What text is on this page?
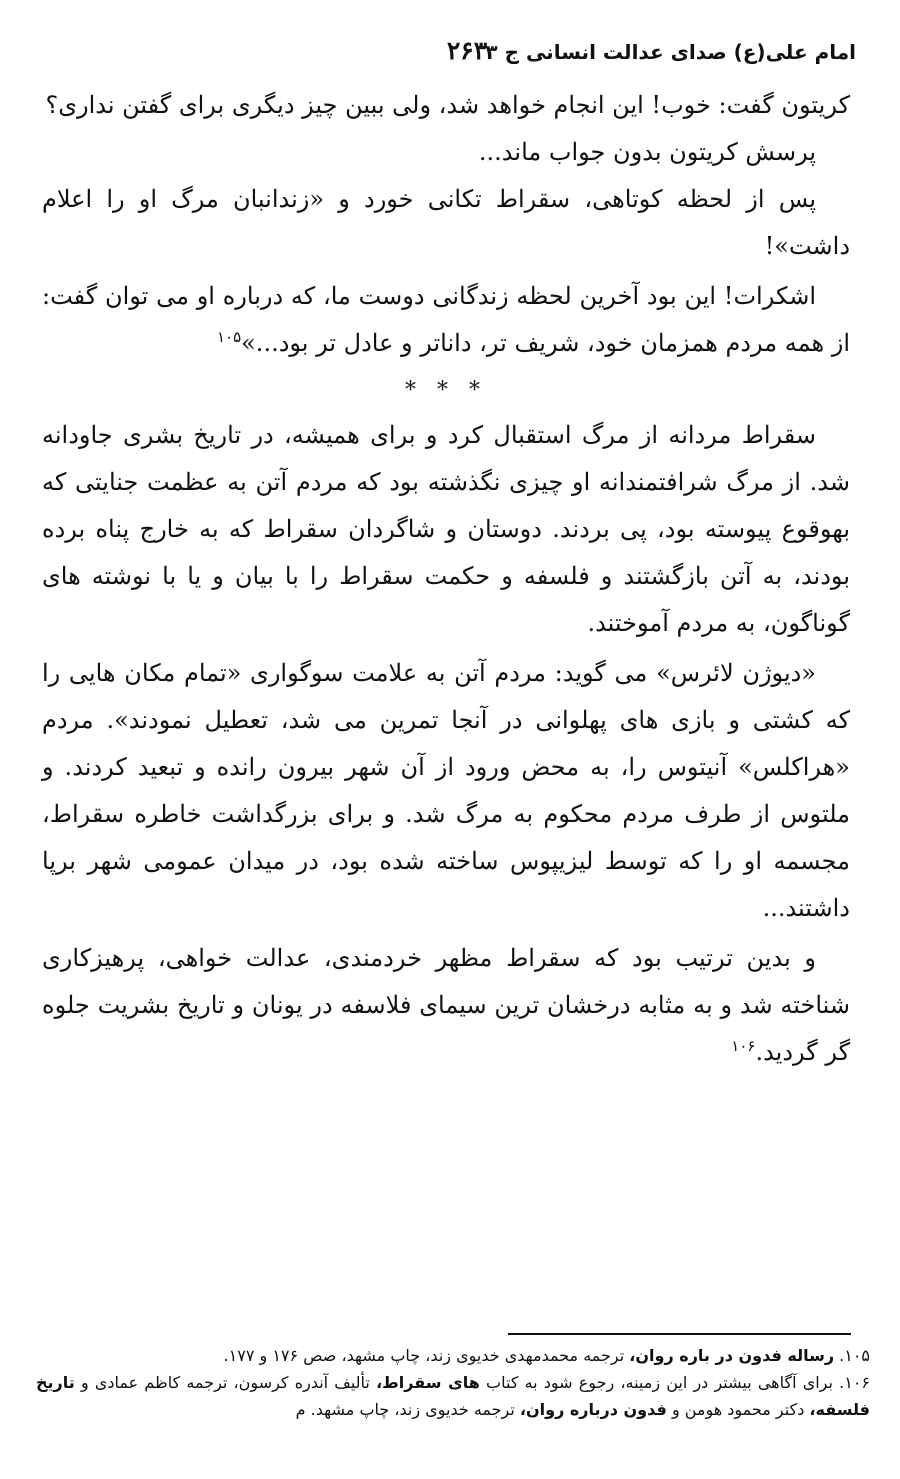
امام علی(ع) صدای عدالت انسانی ج ۳
۲۶۳

کریتون گفت: خوب! این انجام خواهد شد، ولی ببین چیز دیگری برای گفتن نداری؟

پرسش کریتون بدون جواب ماند...

پس از لحظه کوتاهی، سقراط تکانی خورد و «زندانبان مرگ او را اعلام داشت»!

اشکرات! این بود آخرین لحظه زندگانی دوست ما، که درباره او می توان گفت: از همه مردم همزمان خود، شریف تر، داناتر و عادل تر بود...»$^{۱۰۵}$

* * *

سقراط مردانه از مرگ استقبال کرد و برای همیشه، در تاریخ بشری جاودانه شد. از مرگ شرافتمندانه او چیزی نگذشته بود که مردم آتن به عظمت جنایتی که بهوقوع پیوسته بود، پی بردند. دوستان و شاگردان سقراط که به خارج پناه برده بودند، به آتن بازگشتند و فلسفه و حکمت سقراط را با بیان و یا با نوشته های گوناگون، به مردم آموختند.

«دیوژن لائرس» می گوید: مردم آتن به علامت سوگواری «تمام مکان هایی را که کشتی و بازی های پهلوانی در آنجا تمرین می شد، تعطیل نمودند». مردم «هراکلس» آنیتوس را، به محض ورود از آن شهر بیرون رانده و تبعید کردند. و ملتوس از طرف مردم محکوم به مرگ شد. و برای بزرگداشت خاطره سقراط، مجسمه او را که توسط لیزیپوس ساخته شده بود، در میدان عمومی شهر برپا داشتند...

و بدین ترتیب بود که سقراط مظهر خردمندی، عدالت خواهی، پرهیزکاری شناخته شد و به مثابه درخشان ترین سیمای فلاسفه در یونان و تاریخ بشریت جلوه گر گردید.$^{۱۰۶}$

۱۰۵. رساله فدون در باره روان، ترجمه محمدمهدی خدیوی زند، چاپ مشهد، صص ۱۷۶ و ۱۷۷.

۱۰۶. برای آگاهی بیشتر در این زمینه، رجوع شود به کتاب های سقراط، تألیف آندره کرسون، ترجمه کاظم عمادی و تاریخ فلسفه، دکتر محمود هومن و فدون درباره روان، ترجمه خدیوی زند، چاپ مشهد. م
